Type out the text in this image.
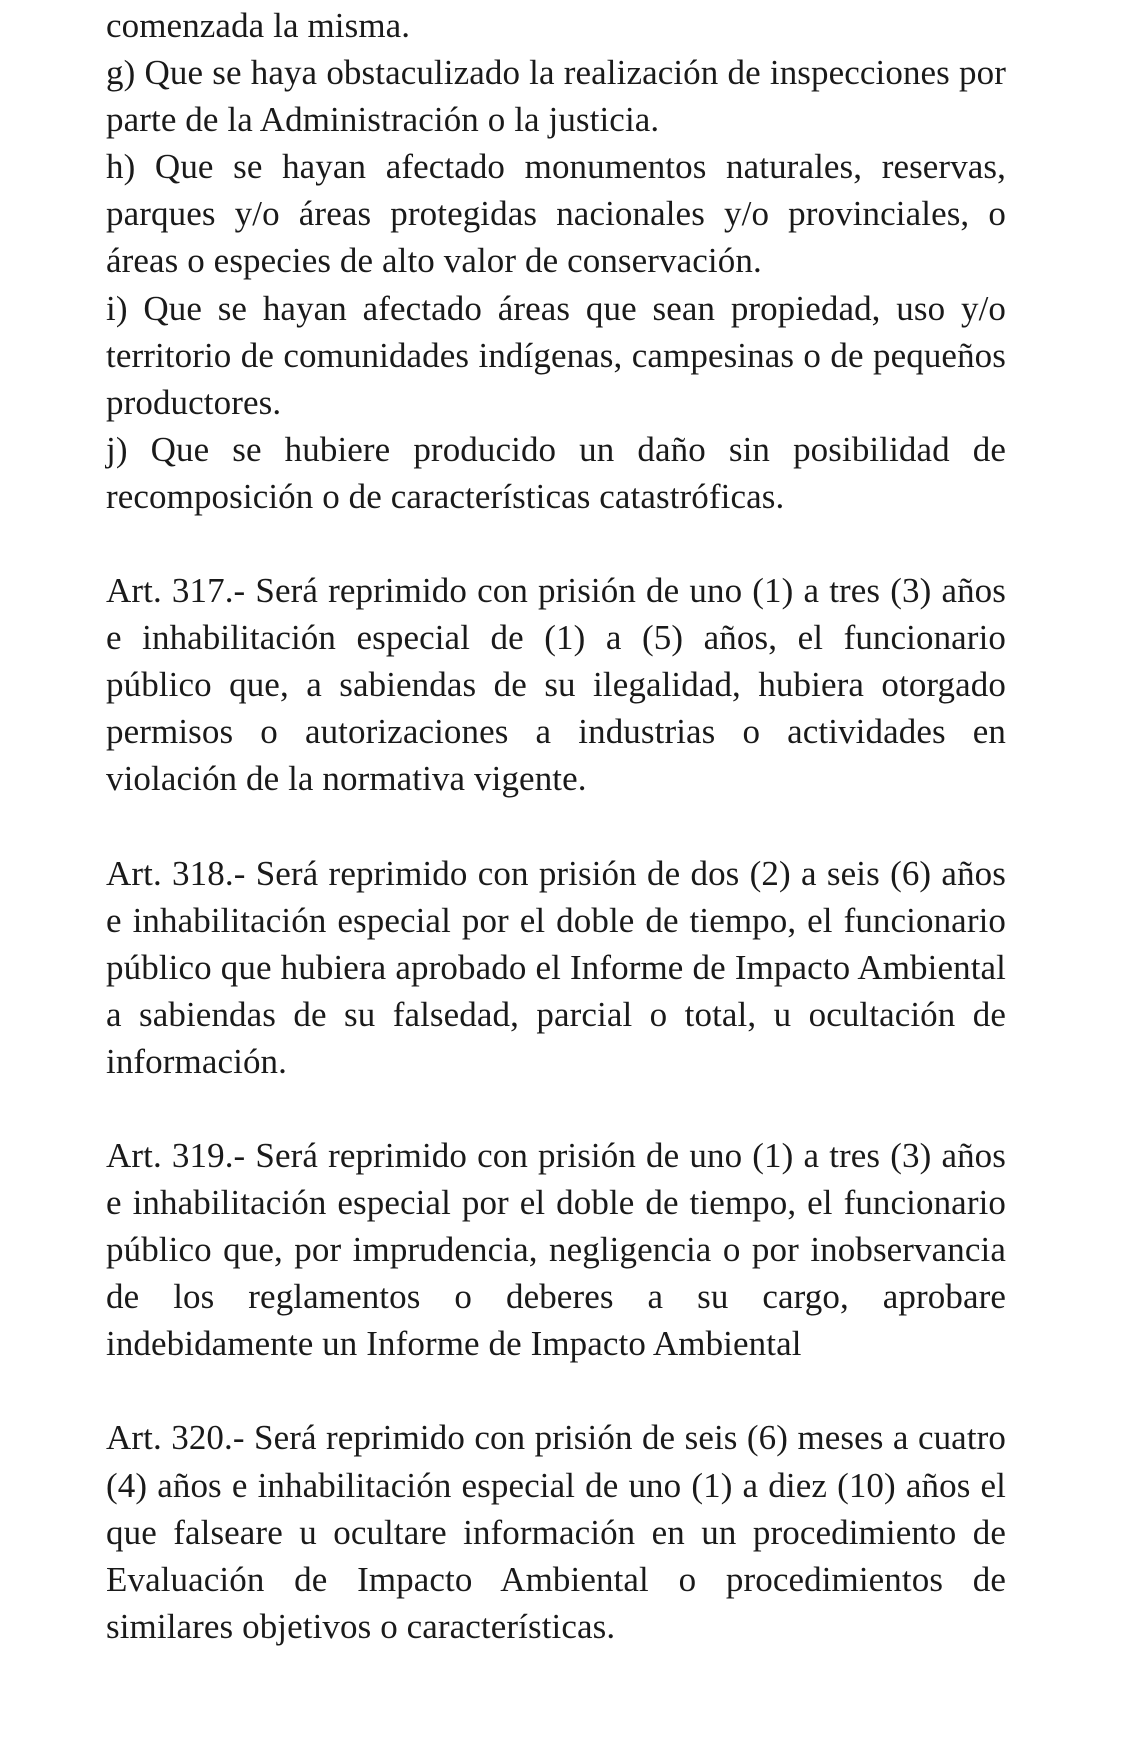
comenzada la misma.

g) Que se haya obstaculizado la realización de inspecciones por parte de la Administración o la justicia.

h) Que se hayan afectado monumentos naturales, reservas, parques y/o áreas protegidas nacionales y/o provinciales, o áreas o especies de alto valor de conservación.

i) Que se hayan afectado áreas que sean propiedad, uso y/o territorio de comunidades indígenas, campesinas o de pequeños productores.

j) Que se hubiere producido un daño sin posibilidad de recomposición o de características catastróficas.

Art. 317.- Será reprimido con prisión de uno (1) a tres (3) años e inhabilitación especial de (1) a (5) años, el funcionario público que, a sabiendas de su ilegalidad, hubiera otorgado permisos o autorizaciones a industrias o actividades en violación de la normativa vigente.

Art. 318.- Será reprimido con prisión de dos (2) a seis (6) años e inhabilitación especial por el doble de tiempo, el funcionario público que hubiera aprobado el Informe de Impacto Ambiental a sabiendas de su falsedad, parcial o total, u ocultación de información.

Art. 319.- Será reprimido con prisión de uno (1) a tres (3) años e inhabilitación especial por el doble de tiempo, el funcionario público que, por imprudencia, negligencia o por inobservancia de los reglamentos o deberes a su cargo, aprobare indebidamente un Informe de Impacto Ambiental

Art. 320.- Será reprimido con prisión de seis (6) meses a cuatro (4) años e inhabilitación especial de uno (1) a diez (10) años el que falseare u ocultare información en un procedimiento de Evaluación de Impacto Ambiental o procedimientos de similares objetivos o características.
